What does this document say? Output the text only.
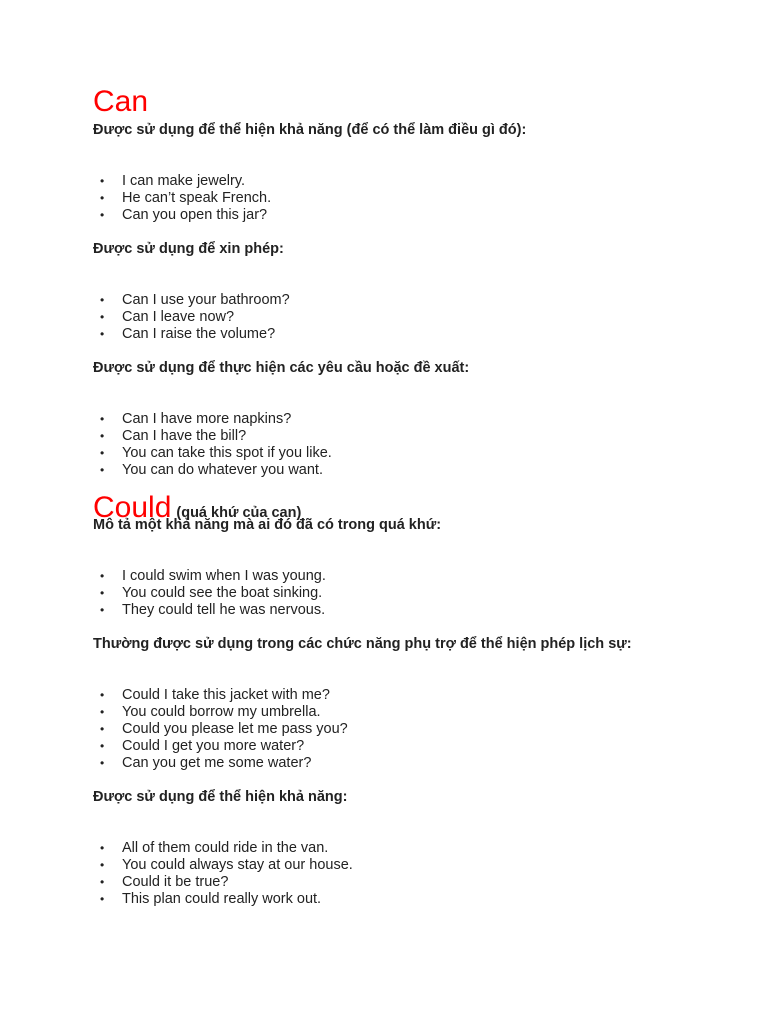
Can

Được sử dụng để thể hiện khả năng (để có thể làm điều gì đó):

• I can make jewelry.
• He can’t speak French.
• Can you open this jar?

Được sử dụng để xin phép:

• Can I use your bathroom?
• Can I leave now?
• Can I raise the volume?

Được sử dụng để thực hiện các yêu cầu hoặc đề xuất:

• Can I have more napkins?
• Can I have the bill?
• You can take this spot if you like.
• You can do whatever you want.
Could (quá khứ của can)

Mô tả một khả năng mà ai đó đã có trong quá khứ:

• I could swim when I was young.
• You could see the boat sinking.
• They could tell he was nervous.

Thường được sử dụng trong các chức năng phụ trợ để thể hiện phép lịch sự:

• Could I take this jacket with me?
• You could borrow my umbrella.
• Could you please let me pass you?
• Could I get you more water?
• Can you get me some water?

Được sử dụng để thể hiện khả năng:

• All of them could ride in the van.
• You could always stay at our house.
• Could it be true?
• This plan could really work out.
